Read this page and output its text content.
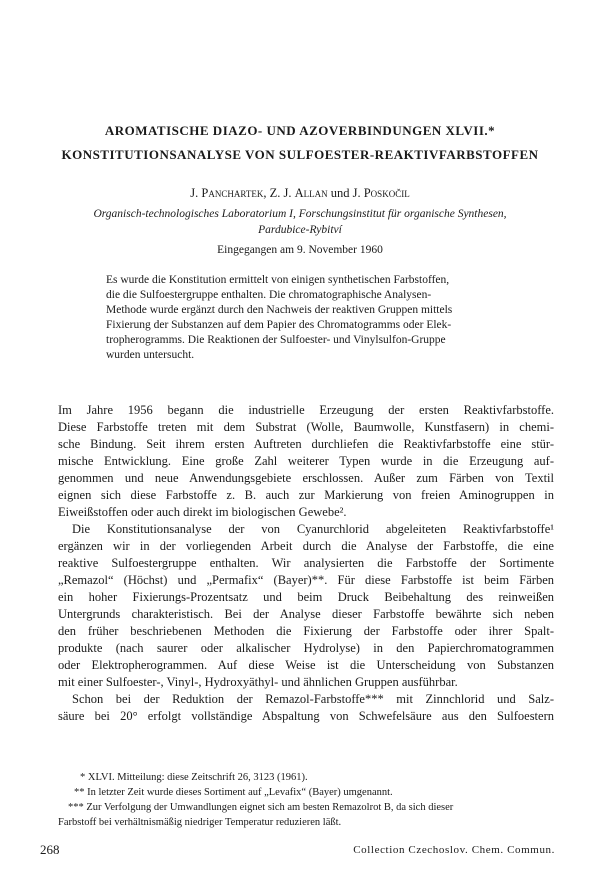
AROMATISCHE DIAZO- UND AZOVERBINDUNGEN XLVII.*
KONSTITUTIONSANALYSE VON SULFOESTER-REAKTIVFARBSTOFFEN
J. Panchartek, Z. J. Allan und J. Poskočil
Organisch-technologisches Laboratorium I, Forschungsinstitut für organische Synthesen,
Pardubice-Rybitví
Eingegangen am 9. November 1960
Es wurde die Konstitution ermittelt von einigen synthetischen Farbstoffen,
die die Sulfoestergruppe enthalten. Die chromatographische Analysen-
Methode wurde ergänzt durch den Nachweis der reaktiven Gruppen mittels
Fixierung der Substanzen auf dem Papier des Chromatogramms oder Elek-
tropherogramms. Die Reaktionen der Sulfoester- und Vinylsulfon-Gruppe
wurden untersucht.
Im Jahre 1956 begann die industrielle Erzeugung der ersten Reaktivfarbstoffe.
Diese Farbstoffe treten mit dem Substrat (Wolle, Baumwolle, Kunstfasern) in chemi-
sche Bindung. Seit ihrem ersten Auftreten durchliefen die Reaktivfarbstoffe eine stür-
mische Entwicklung. Eine große Zahl weiterer Typen wurde in die Erzeugung auf-
genommen und neue Anwendungsgebiete erschlossen. Außer zum Färben von Textil
eignen sich diese Farbstoffe z. B. auch zur Markierung von freien Aminogruppen in
Eiweißstoffen oder auch direkt im biologischen Gewebe².
Die Konstitutionsanalyse der von Cyanurchlorid abgeleiteten Reaktivfarbstoffe¹
ergänzen wir in der vorliegenden Arbeit durch die Analyse der Farbstoffe, die eine
reaktive Sulfoestergruppe enthalten. Wir analysierten die Farbstoffe der Sortimente
„Remazol“ (Höchst) und „Permafix“ (Bayer)**. Für diese Farbstoffe ist beim Färben
ein hoher Fixierungs-Prozentsatz und beim Druck Beibehaltung des reinweißen
Untergrunds charakteristisch. Bei der Analyse dieser Farbstoffe bewährte sich neben
den früher beschriebenen Methoden die Fixierung der Farbstoffe oder ihrer Spalt-
produkte (nach saurer oder alkalischer Hydrolyse) in den Papierchromatogrammen
oder Elektropherogrammen. Auf diese Weise ist die Unterscheidung von Substanzen
mit einer Sulfoester-, Vinyl-, Hydroxyäthyl- und ähnlichen Gruppen ausführbar.
Schon bei der Reduktion der Remazol-Farbstoffe*** mit Zinnchlorid und Salz-
säure bei 20° erfolgt vollständige Abspaltung von Schwefelsäure aus den Sulfoestern
* XLVI. Mitteilung: diese Zeitschrift 26, 3123 (1961).
** In letzter Zeit wurde dieses Sortiment auf „Levafix“ (Bayer) umgenannt.
*** Zur Verfolgung der Umwandlungen eignet sich am besten Remazolrot B, da sich dieser
Farbstoff bei verhältnismäßig niedriger Temperatur reduzieren läßt.
268	Collection Czechoslov. Chem. Commun.
